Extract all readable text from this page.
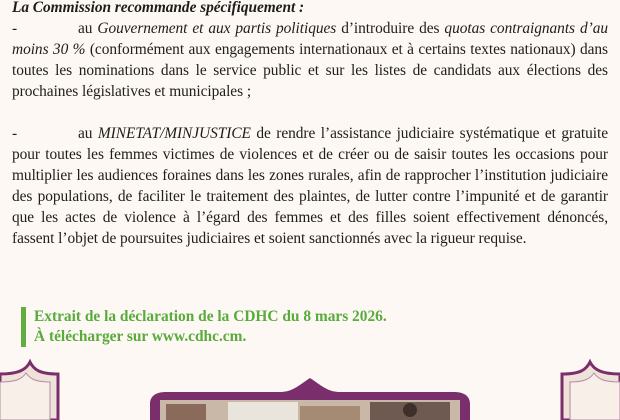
La Commission recommande spécifiquement :

-	au Gouvernement et aux partis politiques d’introduire des quotas contraignants d’au moins 30 % (conformément aux engagements internationaux et à certains textes nationaux) dans toutes les nominations dans le service public et sur les listes de candidats aux élections des prochaines législatives et municipales ;

-	au MINETAT/MINJUSTICE de rendre l’assistance judiciaire systématique et gratuite pour toutes les femmes victimes de violences et de créer ou de saisir toutes les occasions pour multiplier les audiences foraines dans les zones rurales, afin de rapprocher l’institution judiciaire des populations, de faciliter le traitement des plaintes, de lutter contre l’impunité et de garantir que les actes de violence à l’égard des femmes et des filles soient effectivement dénoncés, fassent l’objet de poursuites judiciaires et soient sanctionnés avec la rigueur requise.

Extrait de la déclaration de la CDHC du 8 mars 2026.
À télécharger sur www.cdhc.cm.
